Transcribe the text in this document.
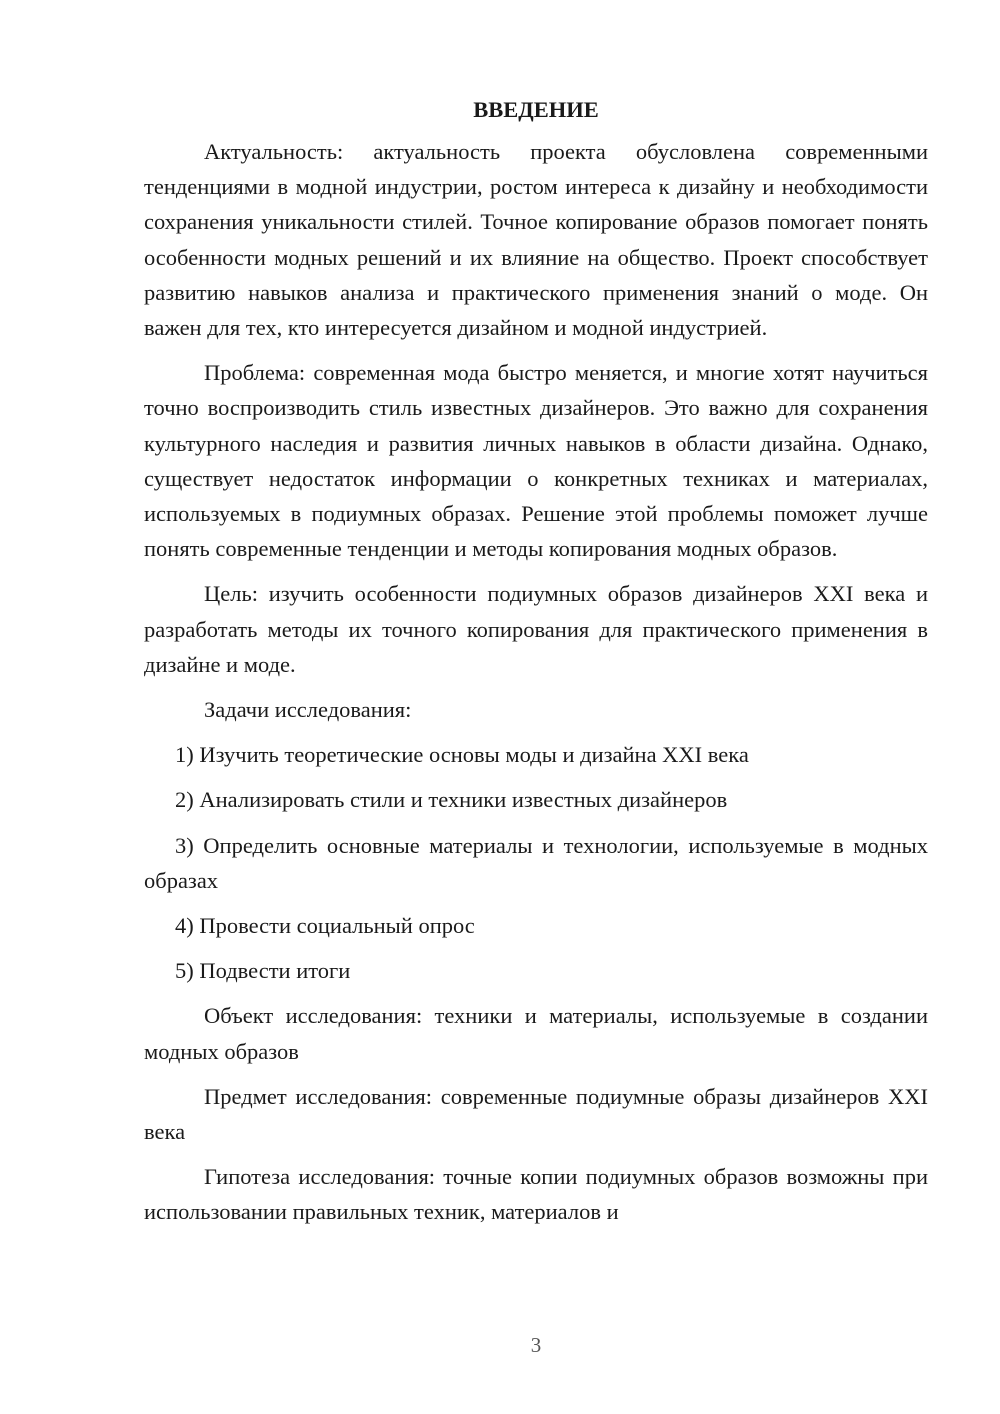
ВВЕДЕНИЕ

Актуальность: актуальность проекта обусловлена современными тенденциями в модной индустрии, ростом интереса к дизайну и необходимости сохранения уникальности стилей. Точное копирование образов помогает понять особенности модных решений и их влияние на общество. Проект способствует развитию навыков анализа и практического применения знаний о моде. Он важен для тех, кто интересуется дизайном и модной индустрией.

Проблема: современная мода быстро меняется, и многие хотят научиться точно воспроизводить стиль известных дизайнеров. Это важно для сохранения культурного наследия и развития личных навыков в области дизайна. Однако, существует недостаток информации о конкретных техниках и материалах, используемых в подиумных образах. Решение этой проблемы поможет лучше понять современные тенденции и методы копирования модных образов.

Цель: изучить особенности подиумных образов дизайнеров XXI века и разработать методы их точного копирования для практического применения в дизайне и моде.

Задачи исследования:

1) Изучить теоретические основы моды и дизайна XXI века

2) Анализировать стили и техники известных дизайнеров

3) Определить основные материалы и технологии, используемые в модных образах

4) Провести социальный опрос

5) Подвести итоги

Объект исследования: техники и материалы, используемые в создании модных образов

Предмет исследования: современные подиумные образы дизайнеров XXI века

Гипотеза исследования: точные копии подиумных образов возможны при использовании правильных техник, материалов и

3
